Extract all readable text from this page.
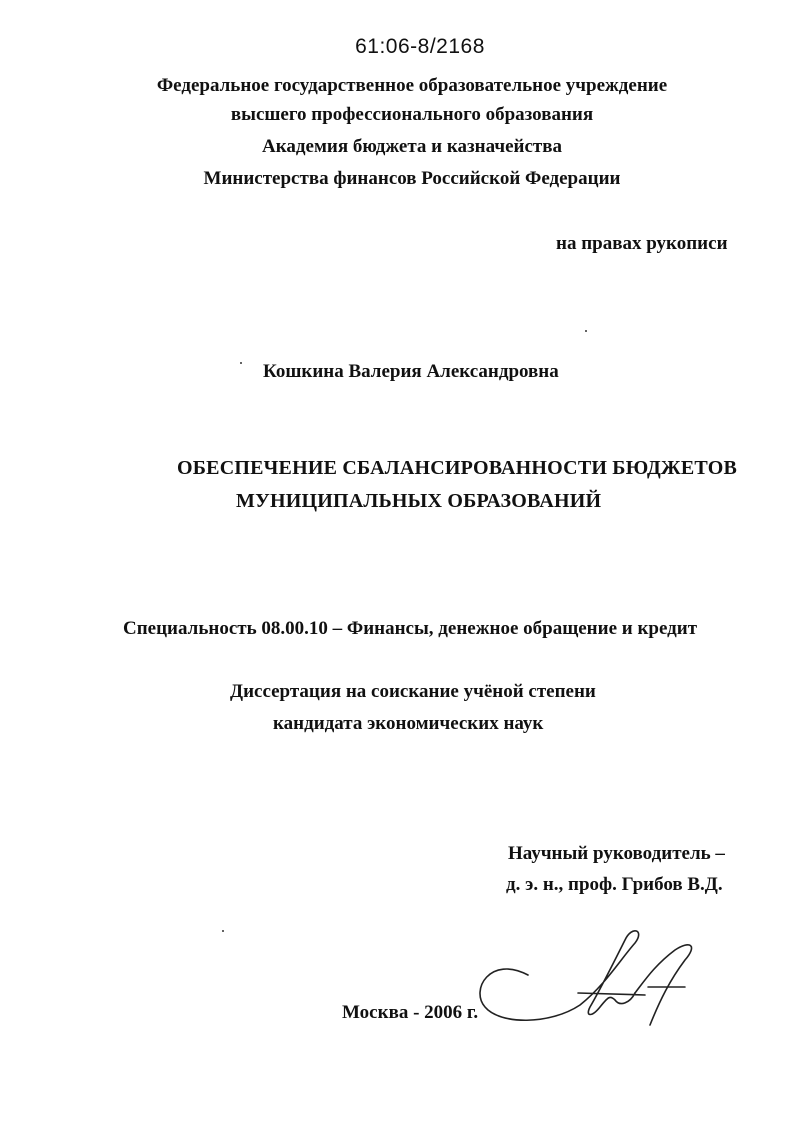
61:06-8/2168
Федеральное государственное образовательное учреждение
высшего профессионального образования
Академия бюджета и казначейства
Министерства финансов Российской Федерации
на правах рукописи
Кошкина Валерия Александровна
ОБЕСПЕЧЕНИЕ СБАЛАНСИРОВАННОСТИ БЮДЖЕТОВ
МУНИЦИПАЛЬНЫХ ОБРАЗОВАНИЙ
Специальность 08.00.10 – Финансы, денежное обращение и кредит
Диссертация на соискание учёной степени
кандидата экономических наук
Научный руководитель –
д. э. н., проф. Грибов В.Д.
Москва - 2006 г.
